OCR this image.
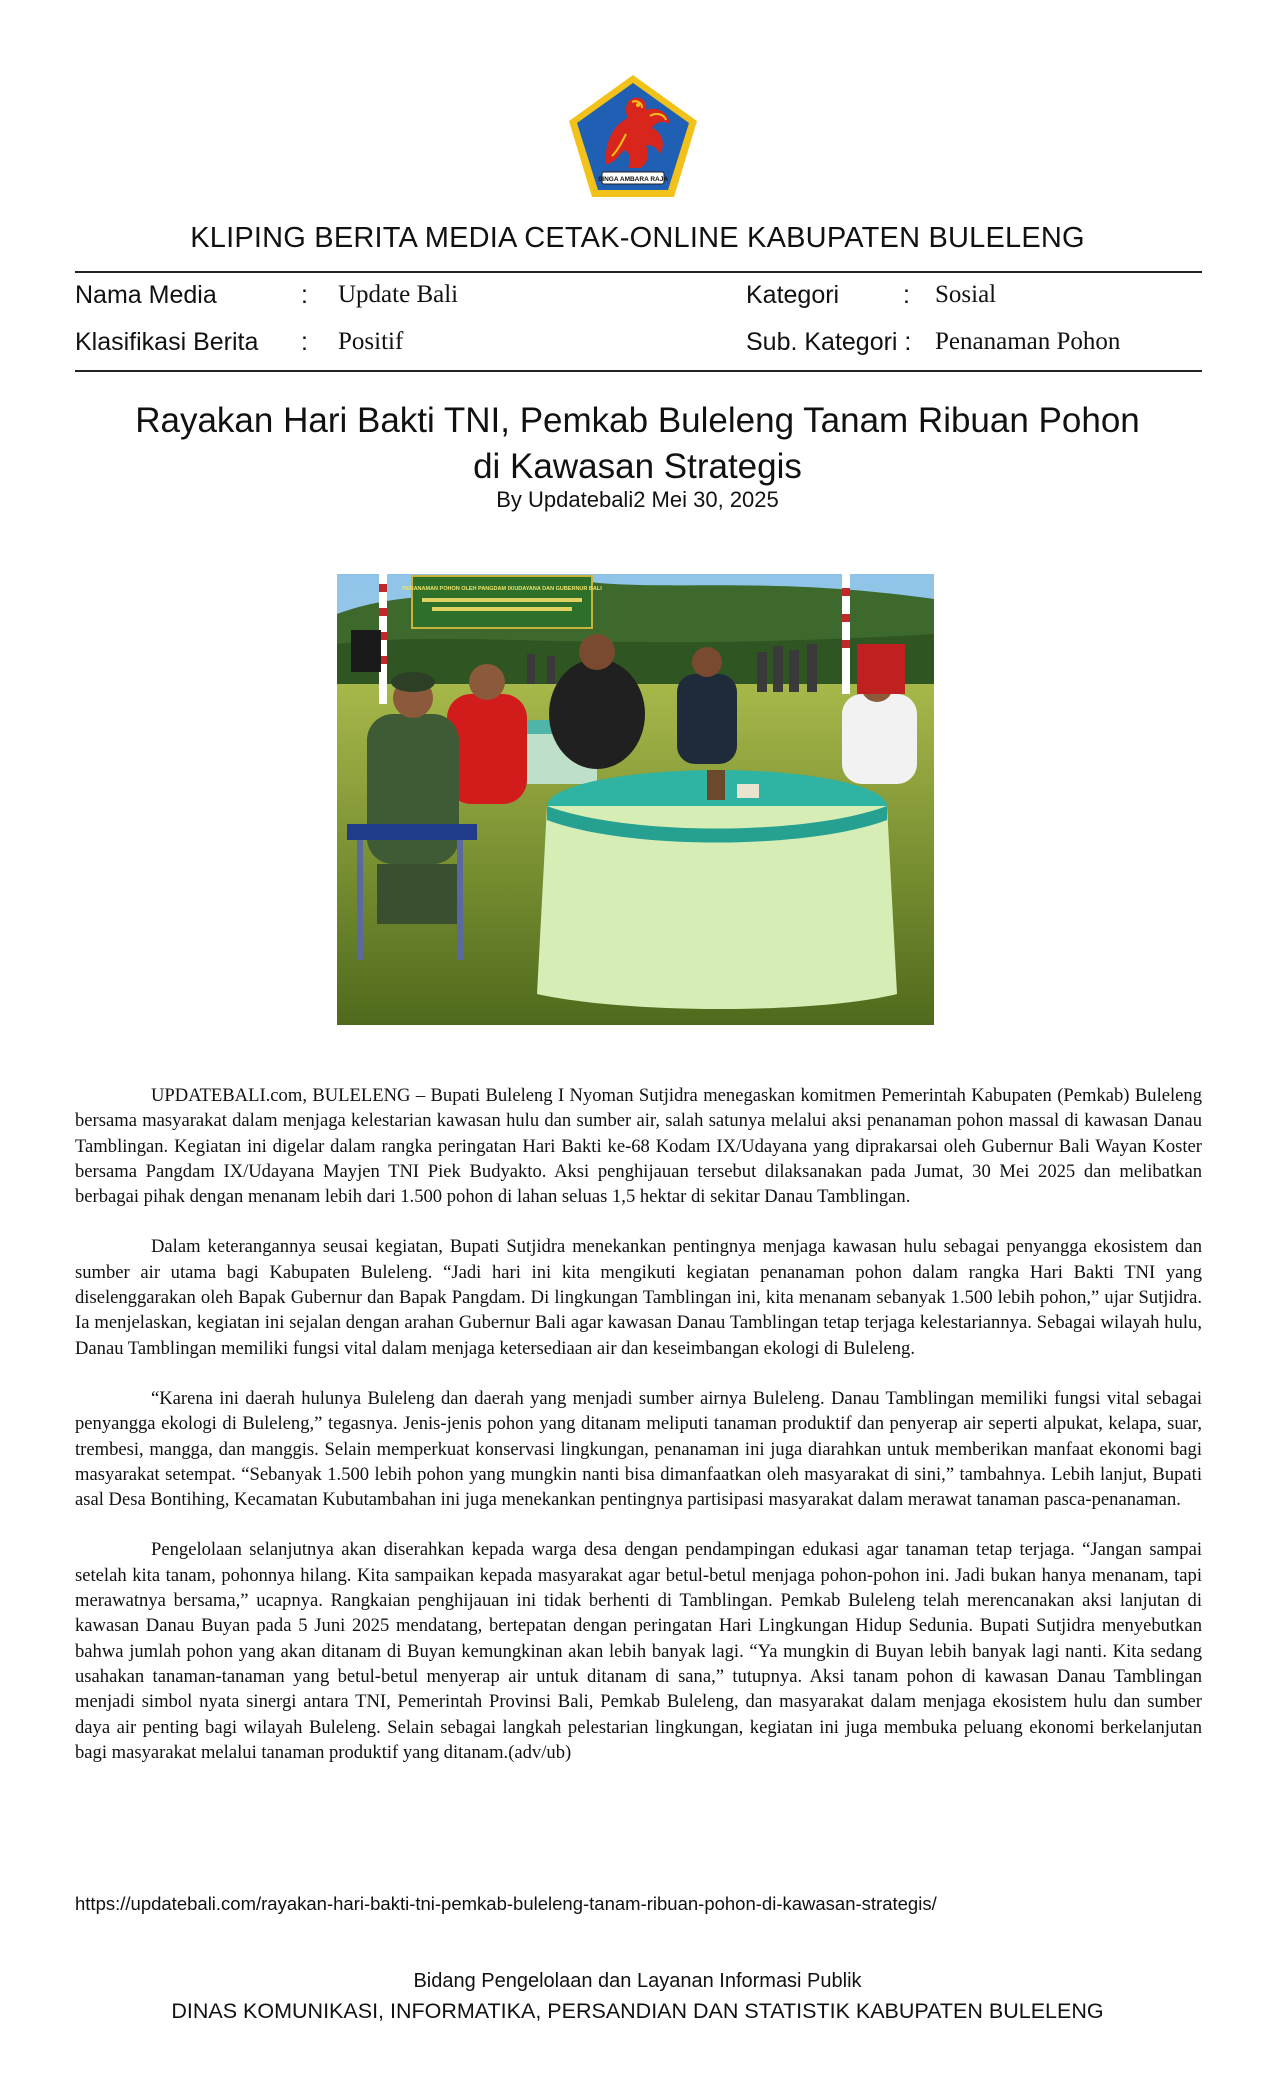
SINGA AMBARA RAJA
KLIPING BERITA MEDIA CETAK-ONLINE KABUPATEN BULELENG
Nama Media	: Update Bali	Kategori	: Sosial
Klasifikasi Berita : Positif	Sub. Kategori : Penanaman Pohon
Rayakan Hari Bakti TNI, Pemkab Buleleng Tanam Ribuan Pohon
di Kawasan Strategis
By Updatebali2 Mei 30, 2025
PENANAMAN POHON OLEH PANGDAM IX/UDAYANA DAN GUBERNUR BALI

UPDATEBALI.com, BULELENG – Bupati Buleleng I Nyoman Sutjidra menegaskan komitmen Pemerintah Kabupaten (Pemkab) Buleleng bersama masyarakat dalam menjaga kelestarian kawasan hulu dan sumber air, salah satunya melalui aksi penanaman pohon massal di kawasan Danau Tamblingan. Kegiatan ini digelar dalam rangka peringatan Hari Bakti ke-68 Kodam IX/Udayana yang diprakarsai oleh Gubernur Bali Wayan Koster bersama Pangdam IX/Udayana Mayjen TNI Piek Budyakto. Aksi penghijauan tersebut dilaksanakan pada Jumat, 30 Mei 2025 dan melibatkan berbagai pihak dengan menanam lebih dari 1.500 pohon di lahan seluas 1,5 hektar di sekitar Danau Tamblingan.

Dalam keterangannya seusai kegiatan, Bupati Sutjidra menekankan pentingnya menjaga kawasan hulu sebagai penyangga ekosistem dan sumber air utama bagi Kabupaten Buleleng. “Jadi hari ini kita mengikuti kegiatan penanaman pohon dalam rangka Hari Bakti TNI yang diselenggarakan oleh Bapak Gubernur dan Bapak Pangdam. Di lingkungan Tamblingan ini, kita menanam sebanyak 1.500 lebih pohon,” ujar Sutjidra. Ia menjelaskan, kegiatan ini sejalan dengan arahan Gubernur Bali agar kawasan Danau Tamblingan tetap terjaga kelestariannya. Sebagai wilayah hulu, Danau Tamblingan memiliki fungsi vital dalam menjaga ketersediaan air dan keseimbangan ekologi di Buleleng.

“Karena ini daerah hulunya Buleleng dan daerah yang menjadi sumber airnya Buleleng. Danau Tamblingan memiliki fungsi vital sebagai penyangga ekologi di Buleleng,” tegasnya. Jenis-jenis pohon yang ditanam meliputi tanaman produktif dan penyerap air seperti alpukat, kelapa, suar, trembesi, mangga, dan manggis. Selain memperkuat konservasi lingkungan, penanaman ini juga diarahkan untuk memberikan manfaat ekonomi bagi masyarakat setempat. “Sebanyak 1.500 lebih pohon yang mungkin nanti bisa dimanfaatkan oleh masyarakat di sini,” tambahnya. Lebih lanjut, Bupati asal Desa Bontihing, Kecamatan Kubutambahan ini juga menekankan pentingnya partisipasi masyarakat dalam merawat tanaman pasca-penanaman.

Pengelolaan selanjutnya akan diserahkan kepada warga desa dengan pendampingan edukasi agar tanaman tetap terjaga. “Jangan sampai setelah kita tanam, pohonnya hilang. Kita sampaikan kepada masyarakat agar betul-betul menjaga pohon-pohon ini. Jadi bukan hanya menanam, tapi merawatnya bersama,” ucapnya. Rangkaian penghijauan ini tidak berhenti di Tamblingan. Pemkab Buleleng telah merencanakan aksi lanjutan di kawasan Danau Buyan pada 5 Juni 2025 mendatang, bertepatan dengan peringatan Hari Lingkungan Hidup Sedunia. Bupati Sutjidra menyebutkan bahwa jumlah pohon yang akan ditanam di Buyan kemungkinan akan lebih banyak lagi. “Ya mungkin di Buyan lebih banyak lagi nanti. Kita sedang usahakan tanaman-tanaman yang betul-betul menyerap air untuk ditanam di sana,” tutupnya. Aksi tanam pohon di kawasan Danau Tamblingan menjadi simbol nyata sinergi antara TNI, Pemerintah Provinsi Bali, Pemkab Buleleng, dan masyarakat dalam menjaga ekosistem hulu dan sumber daya air penting bagi wilayah Buleleng. Selain sebagai langkah pelestarian lingkungan, kegiatan ini juga membuka peluang ekonomi berkelanjutan bagi masyarakat melalui tanaman produktif yang ditanam.(adv/ub)

https://updatebali.com/rayakan-hari-bakti-tni-pemkab-buleleng-tanam-ribuan-pohon-di-kawasan-strategis/
Bidang Pengelolaan dan Layanan Informasi Publik
DINAS KOMUNIKASI, INFORMATIKA, PERSANDIAN DAN STATISTIK KABUPATEN BULELENG
